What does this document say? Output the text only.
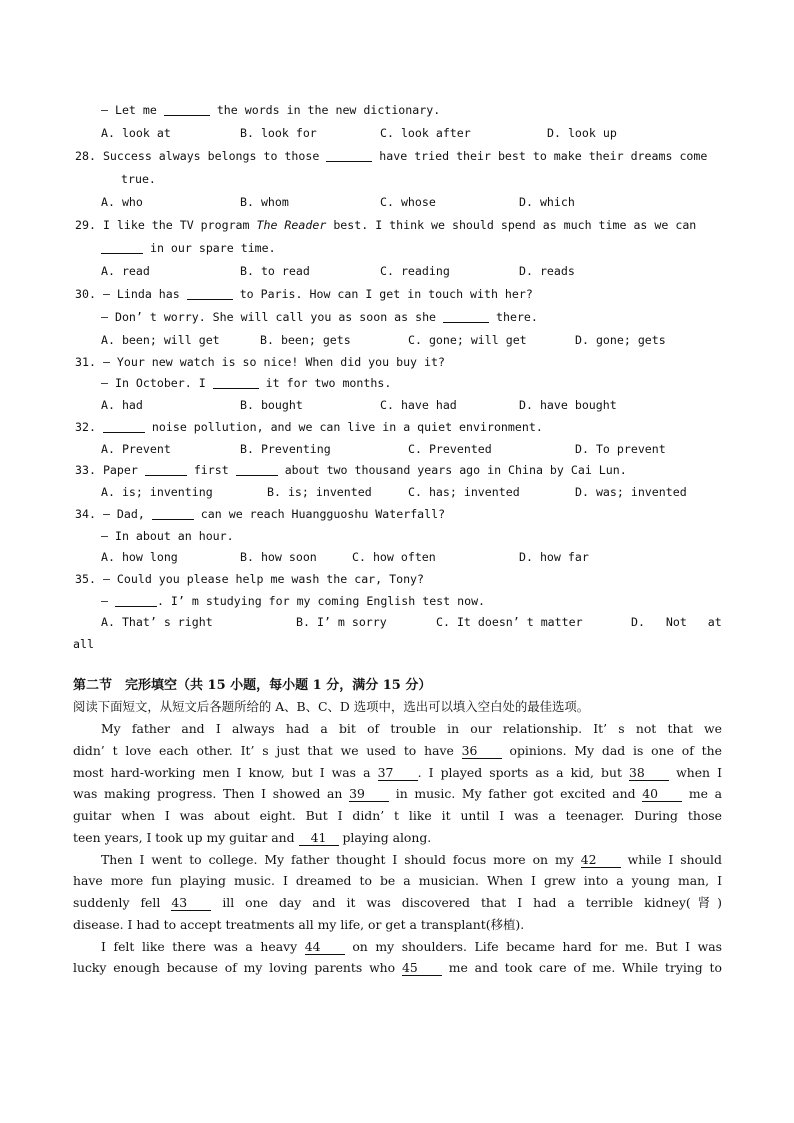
— Let me	the words in the new dictionary.
A. look at	B. look for	C. look after	D. look up
28. Success always belongs to those	have tried their best to make their dreams come
true.
A. who	B. whom	C. whose	D. which
29. I like the TV program The Reader best. I think we should spend as much time as we can
in our spare time.
A. read	B. to read	C. reading	D. reads
30. — Linda has	to Paris. How can I get in touch with her?
— Don’ t worry. She will call you as soon as she	there.
A. been; will get	B. been; gets	C. gone; will get	D. gone; gets
31. — Your new watch is so nice! When did you buy it?
— In October. I	it for two months.
A. had	B. bought	C. have had	D. have bought
32.	noise pollution, and we can live in a quiet environment.
A. Prevent	B. Preventing	C. Prevented	D. To prevent
33. Paper	first	about two thousand years ago in China by Cai Lun.
A. is; inventing	B. is; invented	C. has; invented	D. was; invented
34. — Dad,	can we reach Huangguoshu Waterfall?
— In about an hour.
A. how long	B. how soon	C. how often	D. how far
35. — Could you please help me wash the car, Tony?
—	. I’ m studying for my coming English test now.
A. That’ s right	B. I’ m sorry	C. It doesn’ t matter	D.   Not   at
all
第二节　完形填空（共 15 小题，每小题 1 分，满分 15 分）
阅读下面短文，从短文后各题所给的 A、B、C、D 选项中，选出可以填入空白处的最佳选项。
My father and I always had a bit of trouble in our relationship. It’ s not that we
didn’ t love each other. It’ s just that we used to have 36	opinions. My dad is one of the
most hard-working men I know, but I was a 37 . I played sports as a kid, but 38	when I
was making progress. Then I showed an 39 in music. My father got excited and 40 me a
guitar when I was about eight. But I didn’ t like it until I was a teenager. During those
teen years, I took up my guitar and 41 playing along.
Then I went to college. My father thought I should focus more on my 42	while I should
have more fun playing music. I dreamed to be a musician. When I grew into a young man, I
suddenly fell 43	ill one day and it was discovered that I had a terrible kidney(肾)
disease. I had to accept treatments all my life, or get a transplant(移植).
I felt like there was a heavy 44	on my shoulders. Life became hard for me. But I was
lucky enough because of my loving parents who 45	me and took care of me. While trying to
